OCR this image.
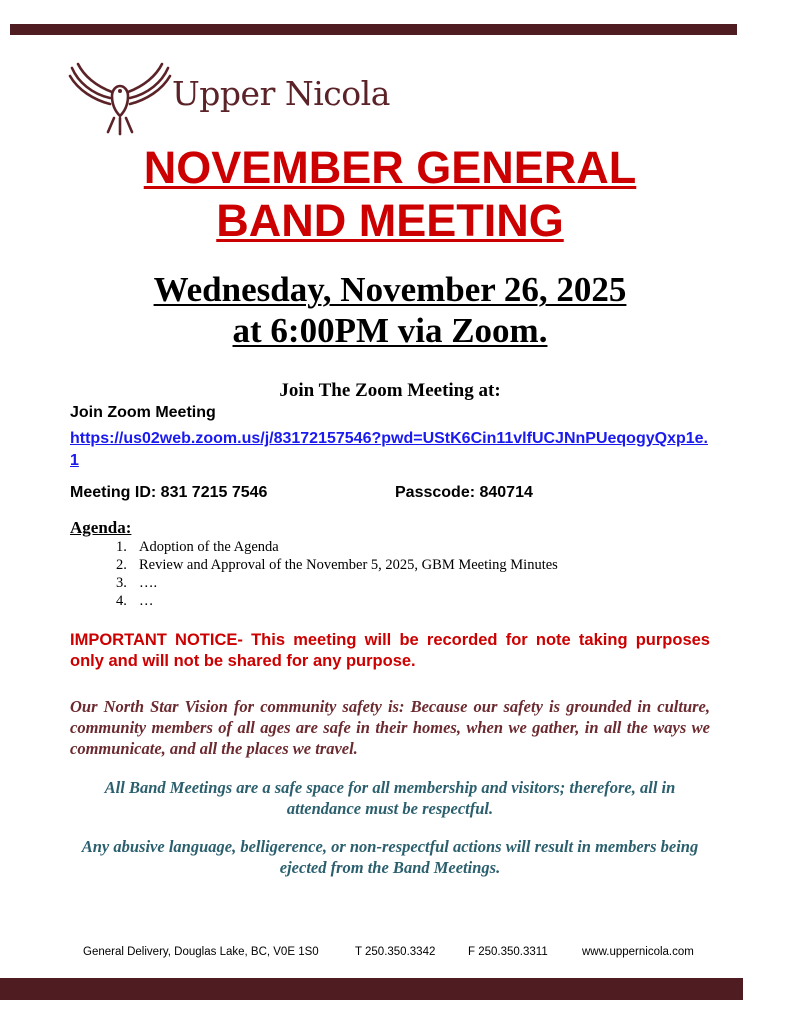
Upper Nicola
NOVEMBER GENERAL
BAND MEETING
Wednesday, November 26, 2025
at 6:00PM via Zoom.
Join The Zoom Meeting at:
Join Zoom Meeting
https://us02web.zoom.us/j/83172157546?pwd=UStK6Cin11vlfUCJNnPUeqogyQxp1e.1
Meeting ID: 831 7215 7546	Passcode: 840714
Agenda:
1. Adoption of the Agenda
2. Review and Approval of the November 5, 2025, GBM Meeting Minutes
3. ….
4. …
IMPORTANT NOTICE- This meeting will be recorded for note taking purposes only and will not be shared for any purpose.
Our North Star Vision for community safety is: Because our safety is grounded in culture, community members of all ages are safe in their homes, when we gather, in all the ways we communicate, and all the places we travel.
All Band Meetings are a safe space for all membership and visitors; therefore, all in attendance must be respectful.
Any abusive language, belligerence, or non-respectful actions will result in members being ejected from the Band Meetings.
General Delivery, Douglas Lake, BC, V0E 1S0	T 250.350.3342	F 250.350.3311	www.uppernicola.com
